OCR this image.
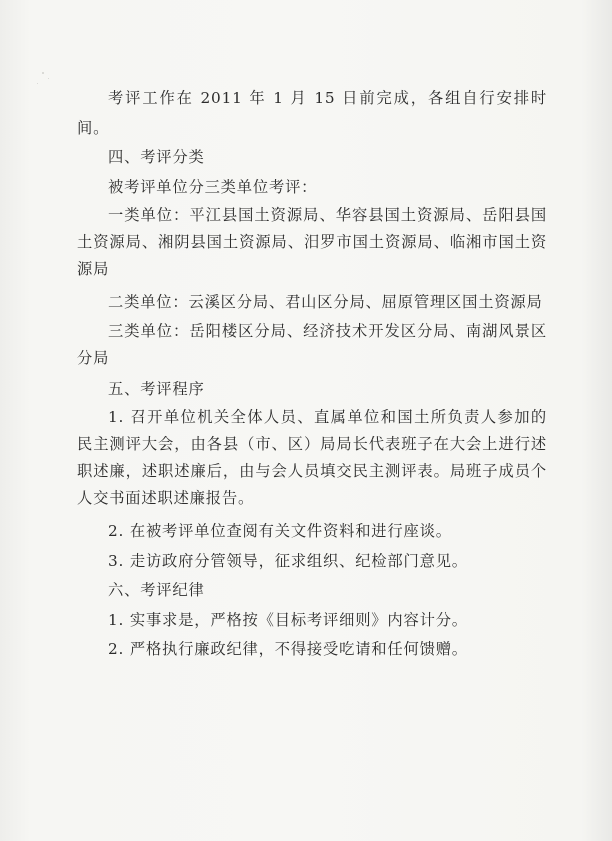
考评工作在 2011 年 1 月 15 日前完成，各组自行安排时间。

四、考评分类

被考评单位分三类单位考评：

一类单位：平江县国土资源局、华容县国土资源局、岳阳县国土资源局、湘阴县国土资源局、汨罗市国土资源局、临湘市国土资源局

二类单位：云溪区分局、君山区分局、屈原管理区国土资源局

三类单位：岳阳楼区分局、经济技术开发区分局、南湖风景区分局

五、考评程序

1. 召开单位机关全体人员、直属单位和国土所负责人参加的民主测评大会，由各县（市、区）局局长代表班子在大会上进行述职述廉，述职述廉后，由与会人员填交民主测评表。局班子成员个人交书面述职述廉报告。

2. 在被考评单位查阅有关文件资料和进行座谈。

3. 走访政府分管领导，征求组织、纪检部门意见。

六、考评纪律

1. 实事求是，严格按《目标考评细则》内容计分。

2. 严格执行廉政纪律，不得接受吃请和任何馈赠。
